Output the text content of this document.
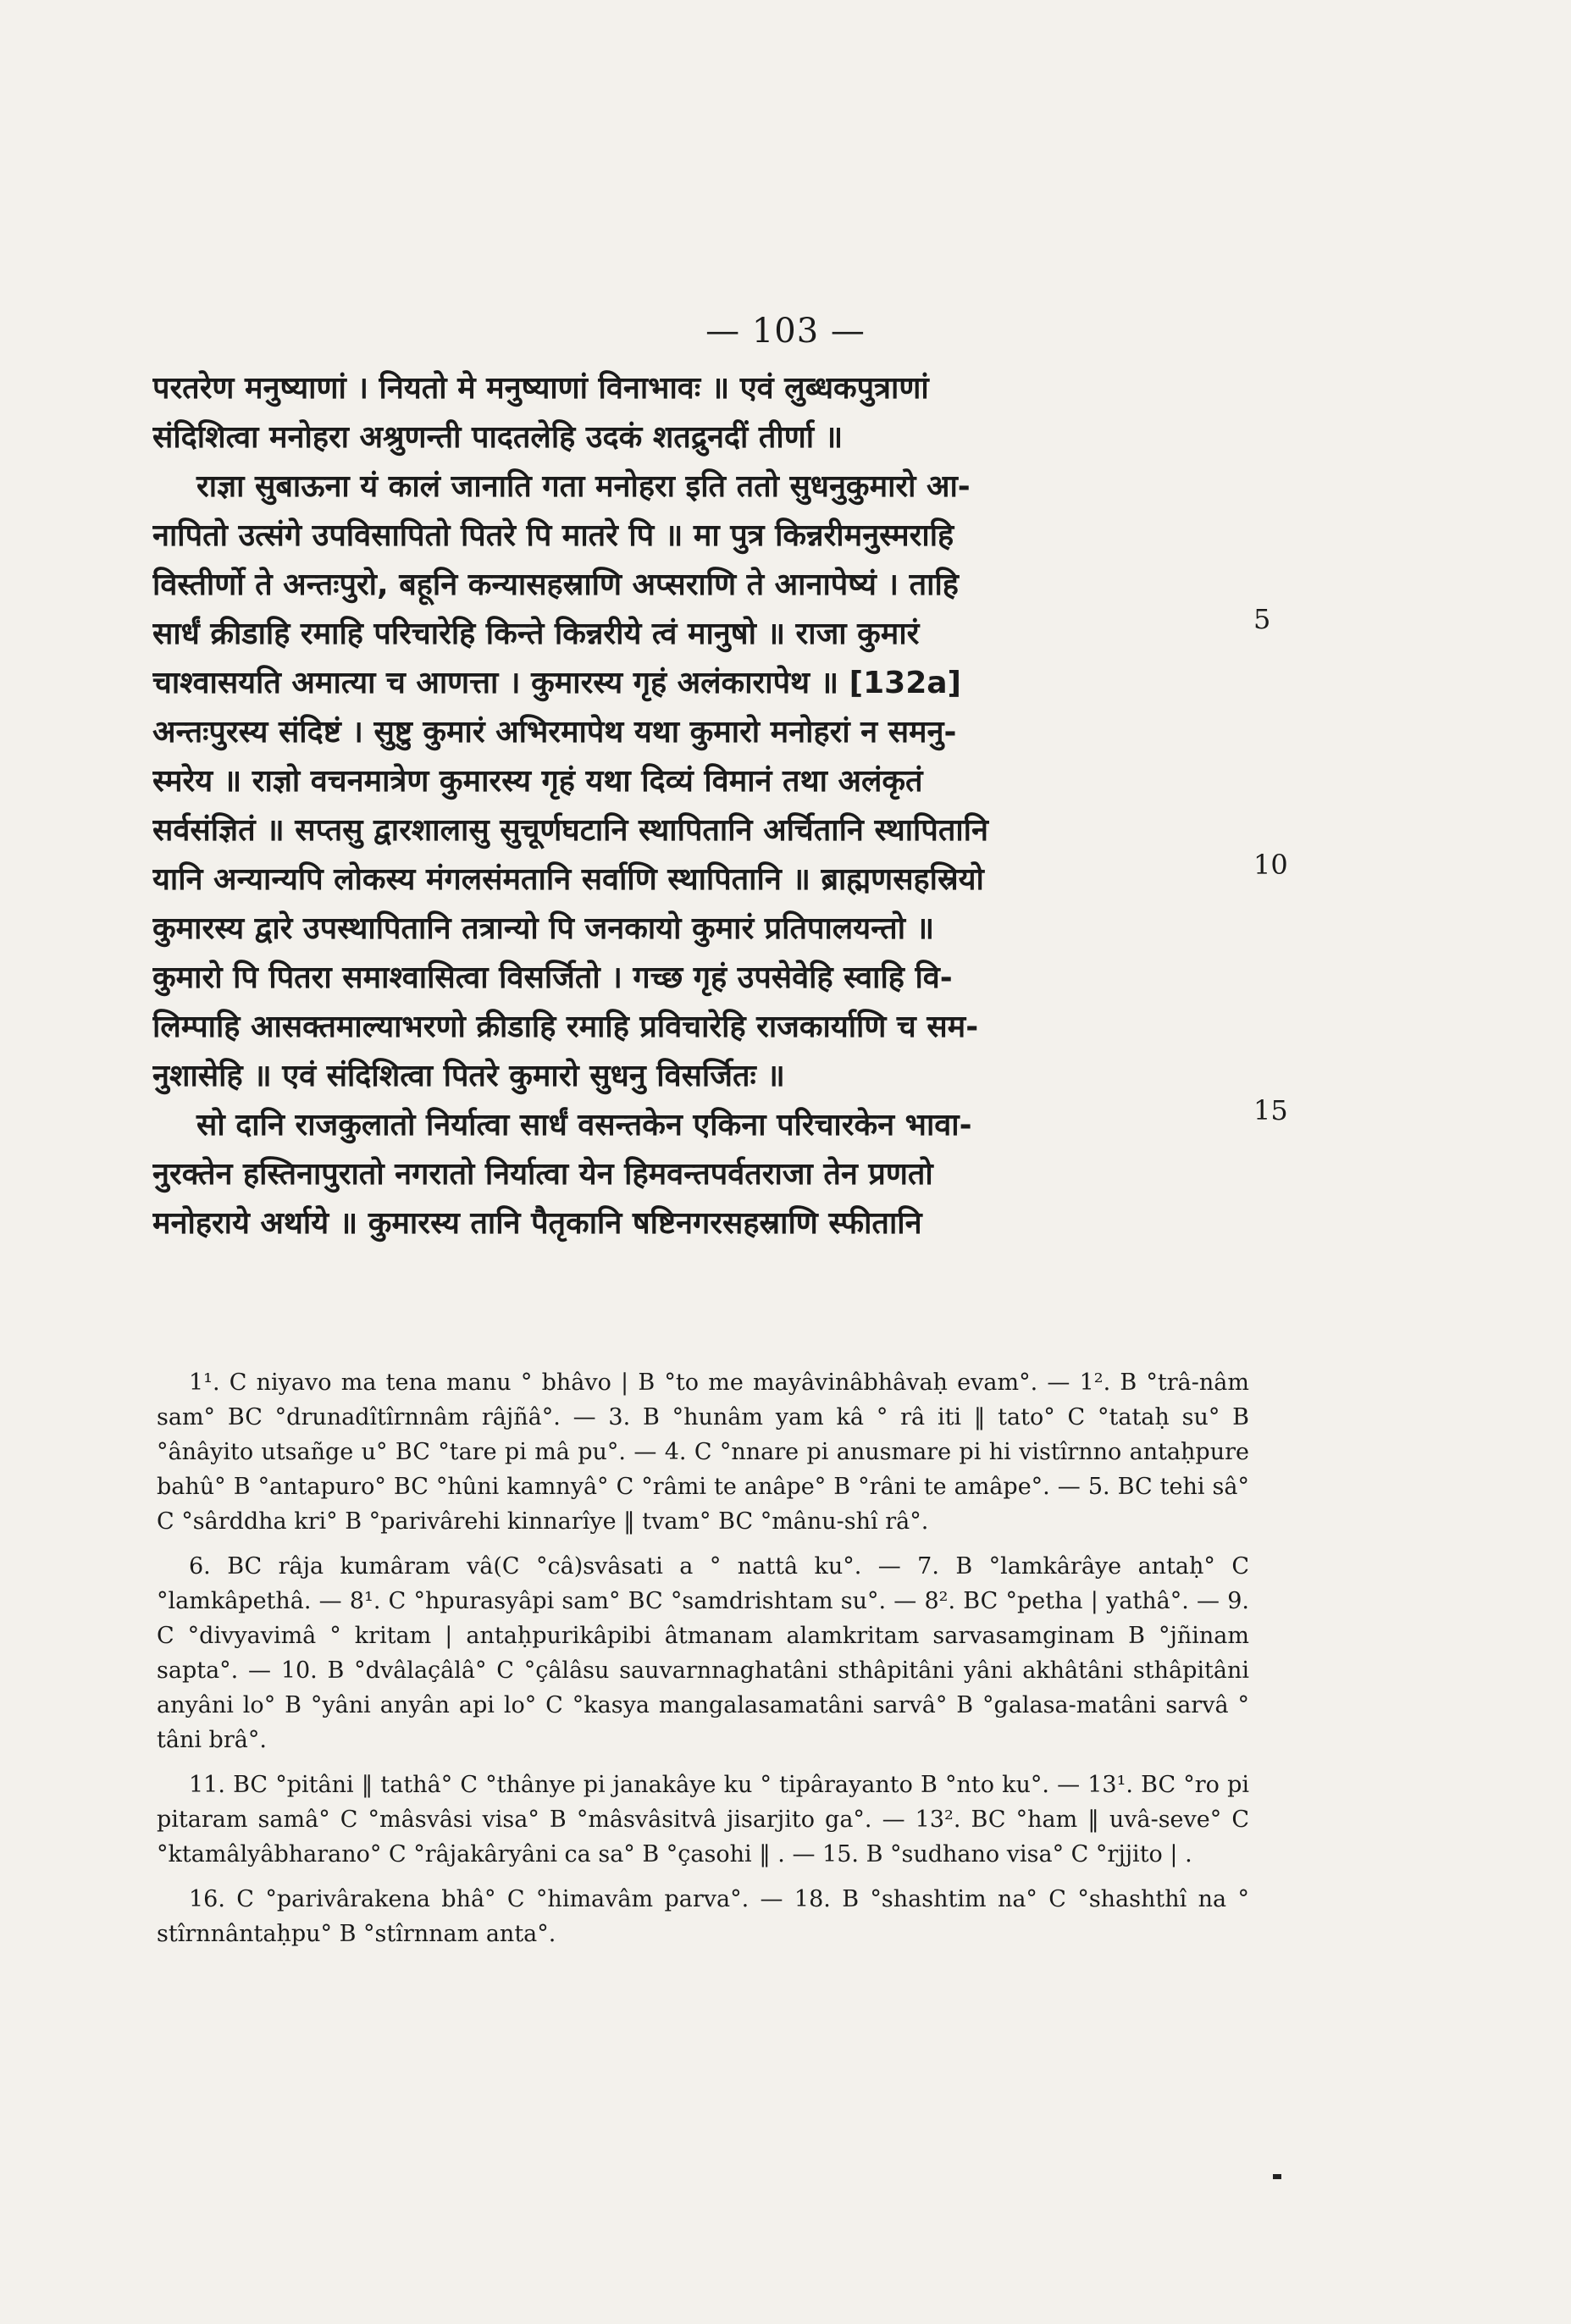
— 103 —
परतरेण मनुष्याणां । नियतो मे मनुष्याणां विनाभावः ॥ एवं लुब्धकपुत्राणां
संदिशित्वा मनोहरा अश्रुणन्ती पादतलेहि उदकं शतद्रुनदीं तीर्णा ॥
राज्ञा सुबाऊना यं कालं जानाति गता मनोहरा इति ततो सुधनुकुमारो आ-
नापितो उत्संगे उपविसापितो पितरे पि मातरे पि ॥ मा पुत्र किन्नरीमनुस्मराहि
विस्तीर्णो ते अन्तःपुरो, बहूनि कन्यासहस्राणि अप्सराणि ते आनापेष्यं । ताहि
सार्धं क्रीडाहि रमाहि परिचारेहि किन्ते किन्नरीये त्वं मानुषो ॥ राजा कुमारं
चाश्वासयति अमात्या च आणत्ता । कुमारस्य गृहं अलंकारापेथ ॥ [132a]
अन्तःपुरस्य संदिष्टं । सुष्टु कुमारं अभिरमापेथ यथा कुमारो मनोहरां न समनु-
स्मरेय ॥ राज्ञो वचनमात्रेण कुमारस्य गृहं यथा दिव्यं विमानं तथा अलंकृतं
सर्वसंज्ञितं ॥ सप्तसु द्वारशालासु सुचूर्णघटानि स्थापितानि अर्चितानि स्थापितानि
यानि अन्यान्यपि लोकस्य मंगलसंमतानि सर्वाणि स्थापितानि ॥ ब्राह्मणसहस्रियो
कुमारस्य द्वारे उपस्थापितानि तत्रान्यो पि जनकायो कुमारं प्रतिपालयन्तो ॥
कुमारो पि पितरा समाश्वासित्वा विसर्जितो । गच्छ गृहं उपसेवेहि स्वाहि वि-
लिम्पाहि आसक्तमाल्याभरणो क्रीडाहि रमाहि प्रविचारेहि राजकार्याणि च सम-
नुशासेहि ॥ एवं संदिशित्वा पितरे कुमारो सुधनु विसर्जितः ॥
सो दानि राजकुलातो निर्यात्वा सार्धं वसन्तकेन एकिना परिचारकेन भावा-
नुरक्तेन हस्तिनापुरातो नगरातो निर्यात्वा येन हिमवन्तपर्वतराजा तेन प्रणतो
मनोहराये अर्थाये ॥ कुमारस्य तानि पैतृकानि षष्टिनगरसहस्राणि स्फीतानि
5
10
15

1¹. C niyavo ma tena manu ° bhâvo | B °to me mayâvinâbhâvaḥ evam°. — 1². B °trâ-nâm sam° BC °drunadîtîrnnâm râjñâ°. — 3. B °hunâm yam kâ ° râ iti ‖ tato° C °tataḥ su° B °ânâyito utsañge u° BC °tare pi mâ pu°. — 4. C °nnare pi anusmare pi hi vistîrnno antaḥpure bahû° B °antapuro° BC °hûni kamnyâ° C °râmi te anâpe° B °râni te amâpe°. — 5. BC tehi sâ° C °sârddha kri° B °parivârehi kinnarîye ‖ tvam° BC °mânu-shî râ°.

6. BC râja kumâram vâ(C °câ)svâsati a ° nattâ ku°. — 7. B °lamkârâye antaḥ° C °lamkâpethâ. — 8¹. C °hpurasyâpi sam° BC °samdrishtam su°. — 8². BC °petha | yathâ°. — 9. C °divyavimâ ° kritam | antaḥpurikâpibi âtmanam alamkritam sarvasamginam B °jñinam sapta°. — 10. B °dvâlaçâlâ° C °çâlâsu sauvarnnaghatâni sthâpitâni yâni akhâtâni sthâpitâni anyâni lo° B °yâni anyân api lo° C °kasya mangalasamatâni sarvâ° B °galasa-matâni sarvâ ° tâni brâ°.

11. BC °pitâni ‖ tathâ° C °thânye pi janakâye ku ° tipârayanto B °nto ku°. — 13¹. BC °ro pi pitaram samâ° C °mâsvâsi visa° B °mâsvâsitvâ jisarjito ga°. — 13². BC °ham ‖ uvâ-seve° C °ktamâlyâbharano° C °râjakâryâni ca sa° B °çasohi ‖ . — 15. B °sudhano visa° C °rjjito | .

16. C °parivârakena bhâ° C °himavâm parva°. — 18. B °shashtim na° C °shashthî na ° stîrnnântaḥpu° B °stîrnnam anta°.
